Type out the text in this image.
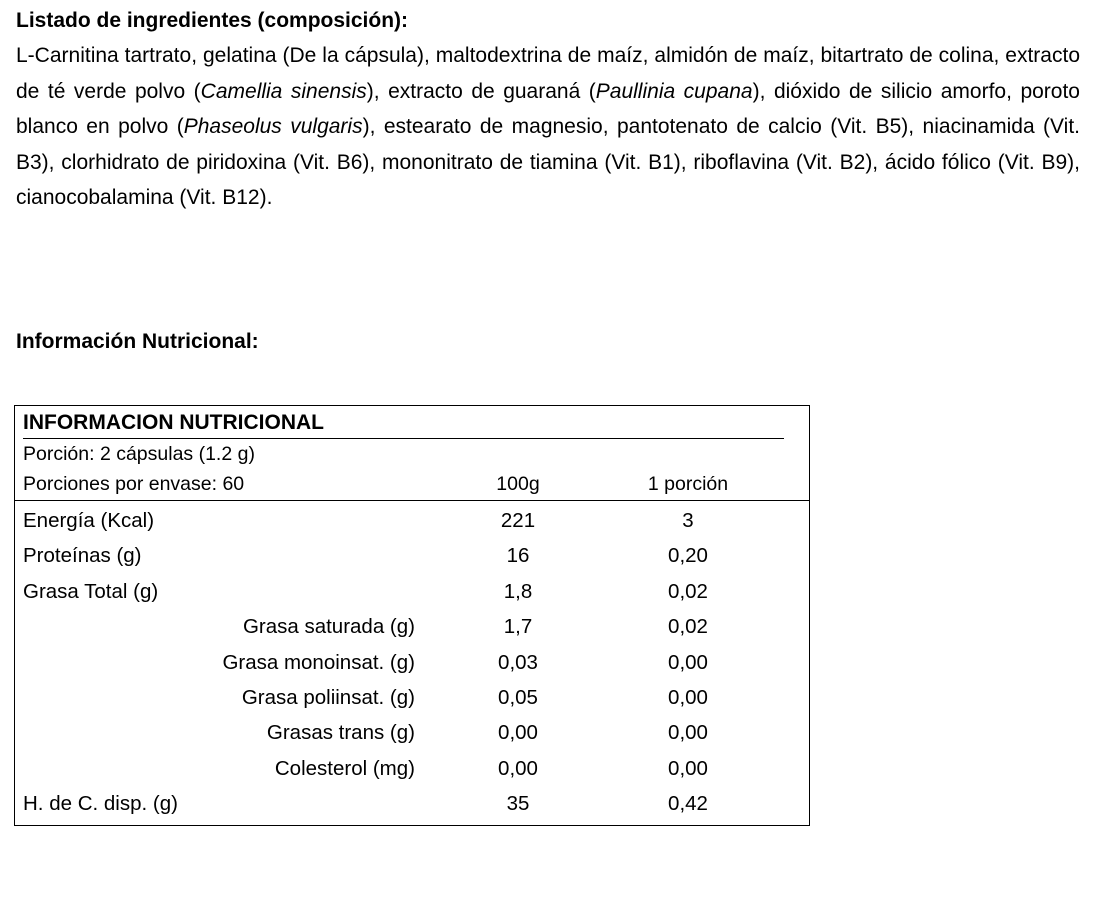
Listado de ingredientes (composición):
L-Carnitina tartrato, gelatina (De la cápsula), maltodextrina de maíz, almidón de maíz, bitartrato de colina, extracto de té verde polvo (Camellia sinensis), extracto de guaraná (Paullinia cupana), dióxido de silicio amorfo, poroto blanco en polvo (Phaseolus vulgaris), estearato de magnesio, pantotenato de calcio (Vit. B5), niacinamida (Vit. B3), clorhidrato de piridoxina (Vit. B6), mononitrato de tiamina (Vit. B1), riboflavina (Vit. B2), ácido fólico (Vit. B9), cianocobalamina (Vit. B12).
Información Nutricional:
INFORMACION NUTRICIONAL
Porción: 2 cápsulas (1.2 g)
Porciones por envase: 60	100g	1 porción
Energía (Kcal)	221	3
Proteínas (g)	16	0,20
Grasa Total (g)	1,8	0,02
Grasa saturada (g)	1,7	0,02
Grasa monoinsat. (g)	0,03	0,00
Grasa poliinsat. (g)	0,05	0,00
Grasas trans (g)	0,00	0,00
Colesterol (mg)	0,00	0,00
H. de C. disp. (g)	35	0,42
